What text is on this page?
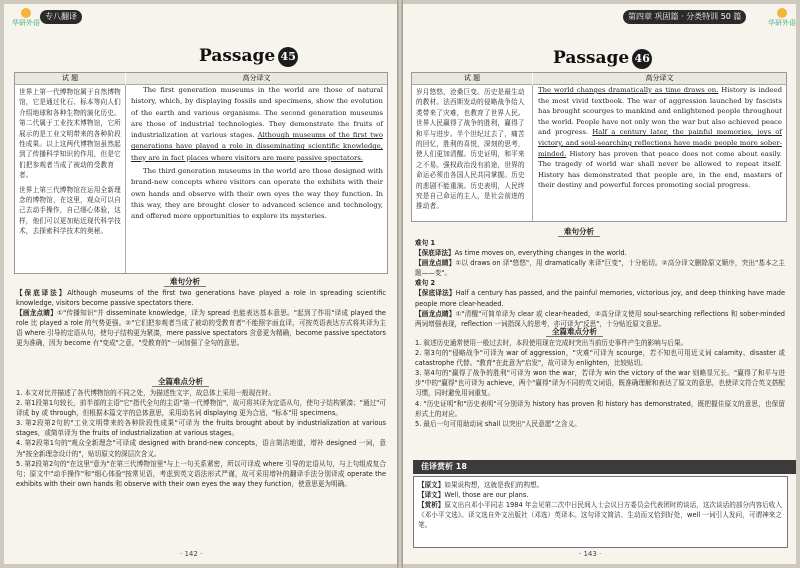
华研外语
专八翻译
Passage 45
试 题	高分译文
世界上第一代博物馆属于自然博物馆，它是通过化石、标本等向人们介绍地球和各种生物的演化历史。第二代属于工业技术博物馆，它所展示的是工业文明带来的各种阶段性成果。以上这两代博物馆虽然起到了传播科学知识的作用，但是它们把参观者当成了被动的受教育者。
世界上第三代博物馆在运用全新理念的博物馆，在这里，观众可以自己去动手操作，自己细心体验，这样，他们可以更加贴近现代科学技术，去探索科学技术的奥秘。

The first generation museums in the world are those of natural history, which, by displaying fossils and specimens, show the evolution of the earth and various organisms. The second generation museums are those of industrial technologies. They demonstrate the fruits of industrialization at various stages. Although museums of the first two generations have played a role in disseminating scientific knowledge, they are in fact places where visitors are mere passive spectators.

The third generation museums in the world are those designed with brand-new concepts where visitors can operate the exhibits with their own hands and observe with their own eyes the way they function. In this way, they are brought closer to advanced science and technology, and offered more opportunities to explore its mysteries.

难句分析

【保底译法】Although museums of the first two generations have played a role in spreading scientific knowledge, visitors become passive spectators there.

【画龙点睛】①"传播知识"并 disseminate knowledge，译为 spread 也能表达基本意思。"起到了作用"译成 played the role 比 played a role 的气势更强。②"它们把参观者当成了被动的受教育者"不能照字面直译，可按英语表达方式将其译为主语 where 引导的定语从句，使句子结构更为紧凑，mere passive spectators 含意更为精确，become passive spectators 更为准确，因为 become 有"变成"之意，"受教育的"一词加强了全句的意思。

全篇难点分析

1. 本文对比并描述了各代博物馆的不同之处，为描述性文字，故总体上采用一般现在时。

2. 第1段第1句较长，前半部的主语"它"指代全句的主语"第一代博物馆"，故可将其译为定语从句，使句子结构紧凑；"通过"可译成 by 或 through，但根据本篇文字的总体意思，采用动名词 displaying 更为合适，"标本"用 specimens。

3. 第2段第2句的"工业文明带来的各种阶段性成果"可译为 the fruits brought about by industrialization at various stages，或简单译为 the fruits of industrialization at various stages。

4. 第2段第1句的"观众全新理念"可译成 designed with brand-new concepts，语言简洁地道，增补 designed 一词，意为"按全新理念设计的"，贴切原文的深层次含义。

5. 第2段第2句的"在这里"意为"在第三代博物馆里"与上一句关系紧密，所以可译成 where 引导的定语从句，与上句组成复合句；原文中"动手操作"和"细心体验"按常见语，考虑到英文语法形式严谨，故可采用增补的翻译手法分别译成 operate the exhibits with their own hands 和 observe with their own eyes the way they function，使意思更为明确。

· 142 ·
第四章 巩固篇 · 分类特训 50 篇
华研外语
Passage 46
试 题	高分译文
岁月悠悠，沧桑巨变。历史是最生动的教材。法西斯发动的侵略战争给人类带来了灾难，也教育了世界人民。世界人民赢得了战争的胜利，赢得了和平与进步。半个世纪过去了，痛苦的回忆，胜利的喜悦，深刻的思考，使人们更加清醒。历史证明，和平来之不易。强权政治没有前途，世界的命运必须由各国人民共同掌握。历史的悲剧不能重演。历史表明，人民终究是自己命运的主人，是社会前进的推动者。

The world changes dramatically as time draws on. History is indeed the most vivid textbook. The war of aggression launched by fascists has brought scourges to mankind and enlightened people throughout the world. People have not only won the war but also achieved peace and progress. Half a century later, the painful memories, joys of victory, and soul-searching reflections have made people more sober-minded. History has proven that peace does not come about easily. The tragedy of world war shall never be allowed to repeat itself. History has demonstrated that people are, in the end, masters of their destiny and powerful forces promoting social progress.

难句分析

难句 1

【保底译法】As time moves on, everything changes in the world.

【画龙点睛】①以 draws on 译"悠悠"，用 dramatically 来译"巨变"，十分贴切。②高分译文删除原文顺序，突出"基本之主题——变"。

难句 2

【保底译法】Half a century has passed, and the painful memories, victorious joy, and deep thinking have made people more clear-headed.

【画龙点睛】①"清醒"可简单译为 clear 或 clear-headed，②高分译文使用 soul-searching reflections 和 sober-minded 两词增强表现，reflection 一词指深入的思考，亦可译为"反思"，十分贴近原文意思。

全篇难点分析

1. 叙述历史通常使用一般过去时，本段使用现在完成时突出当前历史事件产生的影响与后果。

2. 第3句的"侵略战争"可译为 war of aggression，"灾难"可译为 scourge，若不知也可用近义词 calamity、disaster 或 catastrophe 代替。"教育"在此意为"启发"，故可译为 enlighten，比较贴切。

3. 第4句的"赢得了战争的胜利"可译为 won the war，若译为 win the victory of the war 则略显冗长。"赢得了和平与进步"中的"赢得"也可译为 achieve，两个"赢得"译为不同的英文词语，既准确理解和表达了原文的意思，也使译文符合英文搭配习惯，同时避免用词重复。

4. "历史证明"和"历史表明"可分别译为 history has proven 和 history has demonstrated，既把握住原文的意思，也保留形式上的对应。

5. 最后一句可用助动词 shall 以突出"人民意愿"之含义。

佳译赏析 18

【原文】如果说构想，这就是我们的构想。

【译文】Well, those are our plans.

【赏析】原文出自邓小平同志 1984 年会见第二次中日民间人士会议日方委员会代表团时的谈话，这次谈话的部分内容后收入《邓小平文选》。译文选自外文出版社（邓选）英译本。这句译文简洁、生动而又恰到好处，well 一词引人发问，可谓神来之笔。

· 143 ·
